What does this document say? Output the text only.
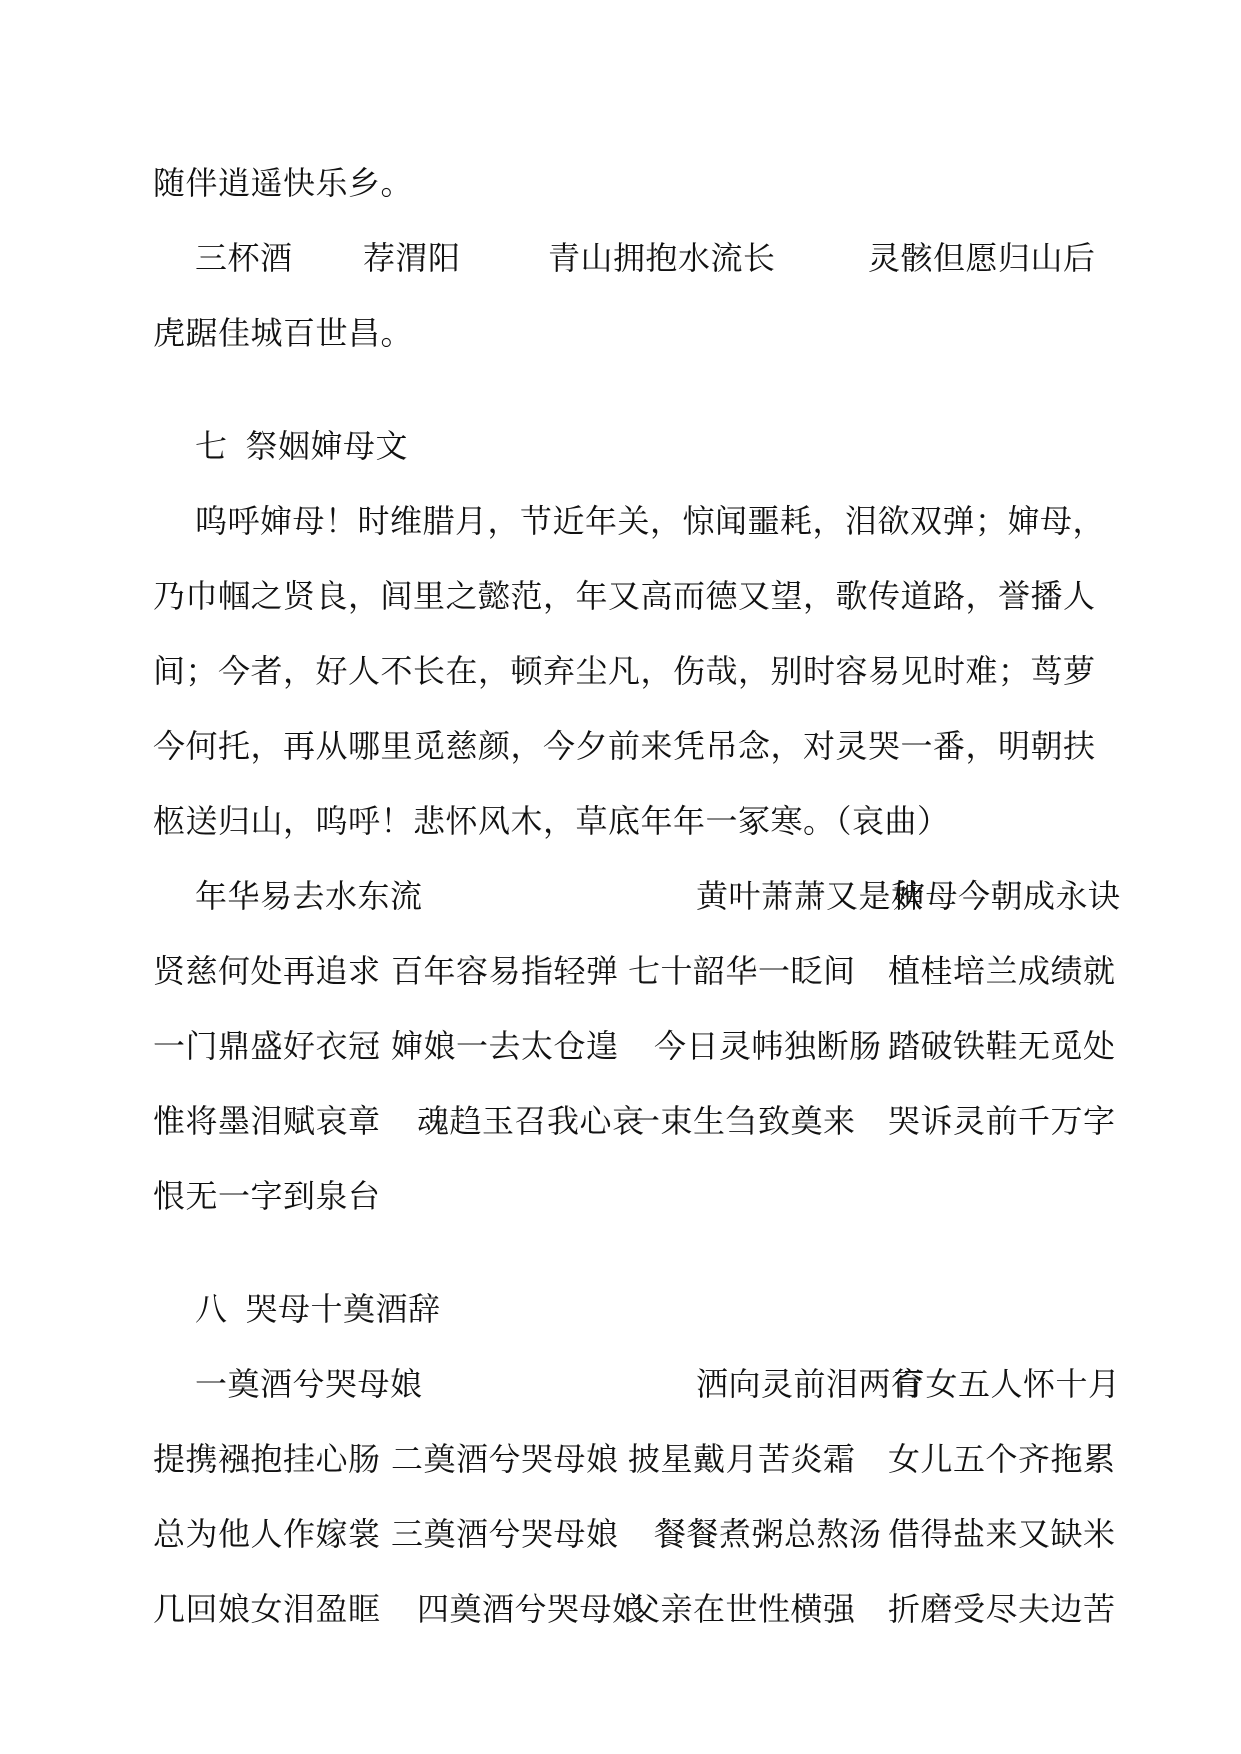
随伴逍遥快乐乡。
三杯酒	荐渭阳	青山拥抱水流长	灵骸但愿归山后
虎踞佳城百世昌。
七 祭姻婶母文
呜呼婶母！时维腊月，节近年关，惊闻噩耗，泪欲双弹；婶母，
乃巾帼之贤良，闾里之懿范，年又高而德又望，歌传道路，誉播人
间；今者，好人不长在，顿弃尘凡，伤哉，别时容易见时难；茑萝
今何托，再从哪里觅慈颜，今夕前来凭吊念，对灵哭一番，明朝扶
柩送归山，呜呼！悲怀风木，草底年年一冢寒。（哀曲）
年华易去水东流	黄叶萧萧又是秋
婶母今朝成永诀
贤慈何处再追求 百年容易指轻弹 七十韶华一眨间	植桂培兰成绩就
一门鼎盛好衣冠 婶娘一去太仓遑	今日灵帏独断肠 踏破铁鞋无觅处
惟将墨泪赋哀章	魂趋玉召我心哀
一束生刍致奠来	哭诉灵前千万字
恨无一字到泉台
八 哭母十奠酒辞
一奠酒兮哭母娘	洒向灵前泪两行
育女五人怀十月
提携襁抱挂心肠 二奠酒兮哭母娘 披星戴月苦炎霜	女儿五个齐拖累
总为他人作嫁裳 三奠酒兮哭母娘	餐餐煮粥总熬汤 借得盐来又缺米
几回娘女泪盈眶	四奠酒兮哭母娘
父亲在世性横强	折磨受尽夫边苦
